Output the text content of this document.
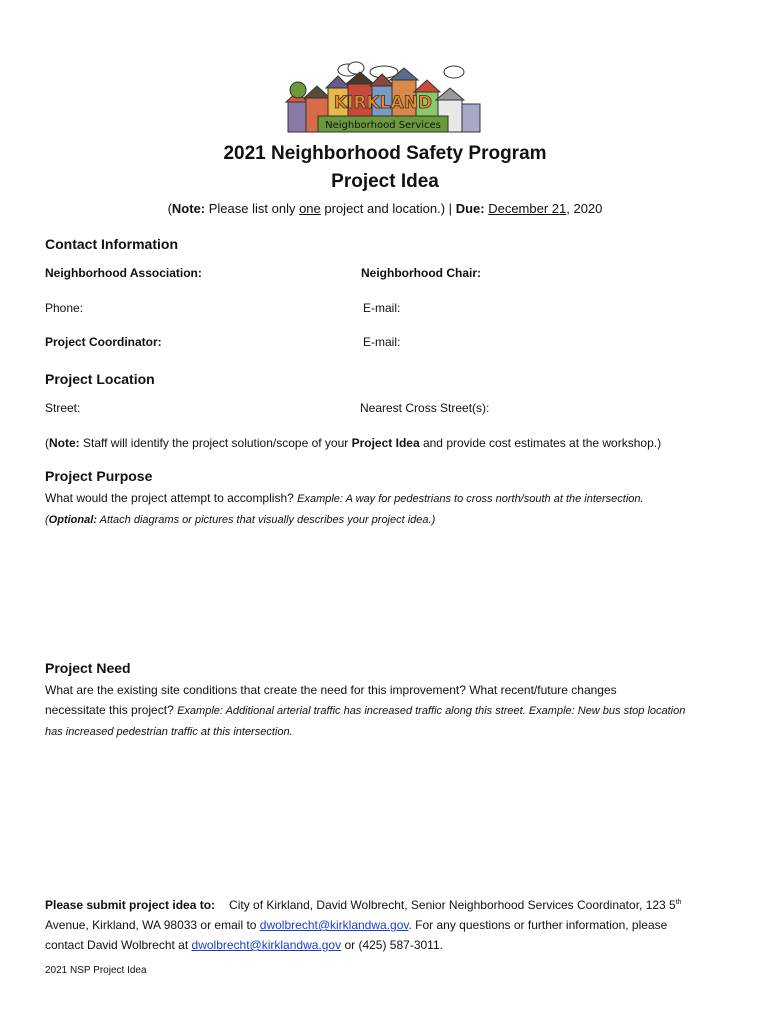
KIRKLAND
Neighborhood Services
2021 Neighborhood Safety Program
Project Idea
(Note: Please list only one project and location.) | Due: December 21, 2020
Contact Information
Neighborhood Association:	Neighborhood Chair:
Phone:	E-mail:
Project Coordinator:	E-mail:
Project Location
Street:	Nearest Cross Street(s):
(Note: Staff will identify the project solution/scope of your Project Idea and provide cost estimates at the workshop.)
Project Purpose
What would the project attempt to accomplish? Example: A way for pedestrians to cross north/south at the intersection.
(Optional: Attach diagrams or pictures that visually describes your project idea.)
Project Need
What are the existing site conditions that create the need for this improvement? What recent/future changes
necessitate this project? Example: Additional arterial traffic has increased traffic along this street. Example: New bus stop location
has increased pedestrian traffic at this intersection.
Please submit project idea to: City of Kirkland, David Wolbrecht, Senior Neighborhood Services Coordinator, 123 5th
Avenue, Kirkland, WA 98033 or email to dwolbrecht@kirklandwa.gov. For any questions or further information, please
contact David Wolbrecht at dwolbrecht@kirklandwa.gov or (425) 587-3011.
2021 NSP Project Idea
